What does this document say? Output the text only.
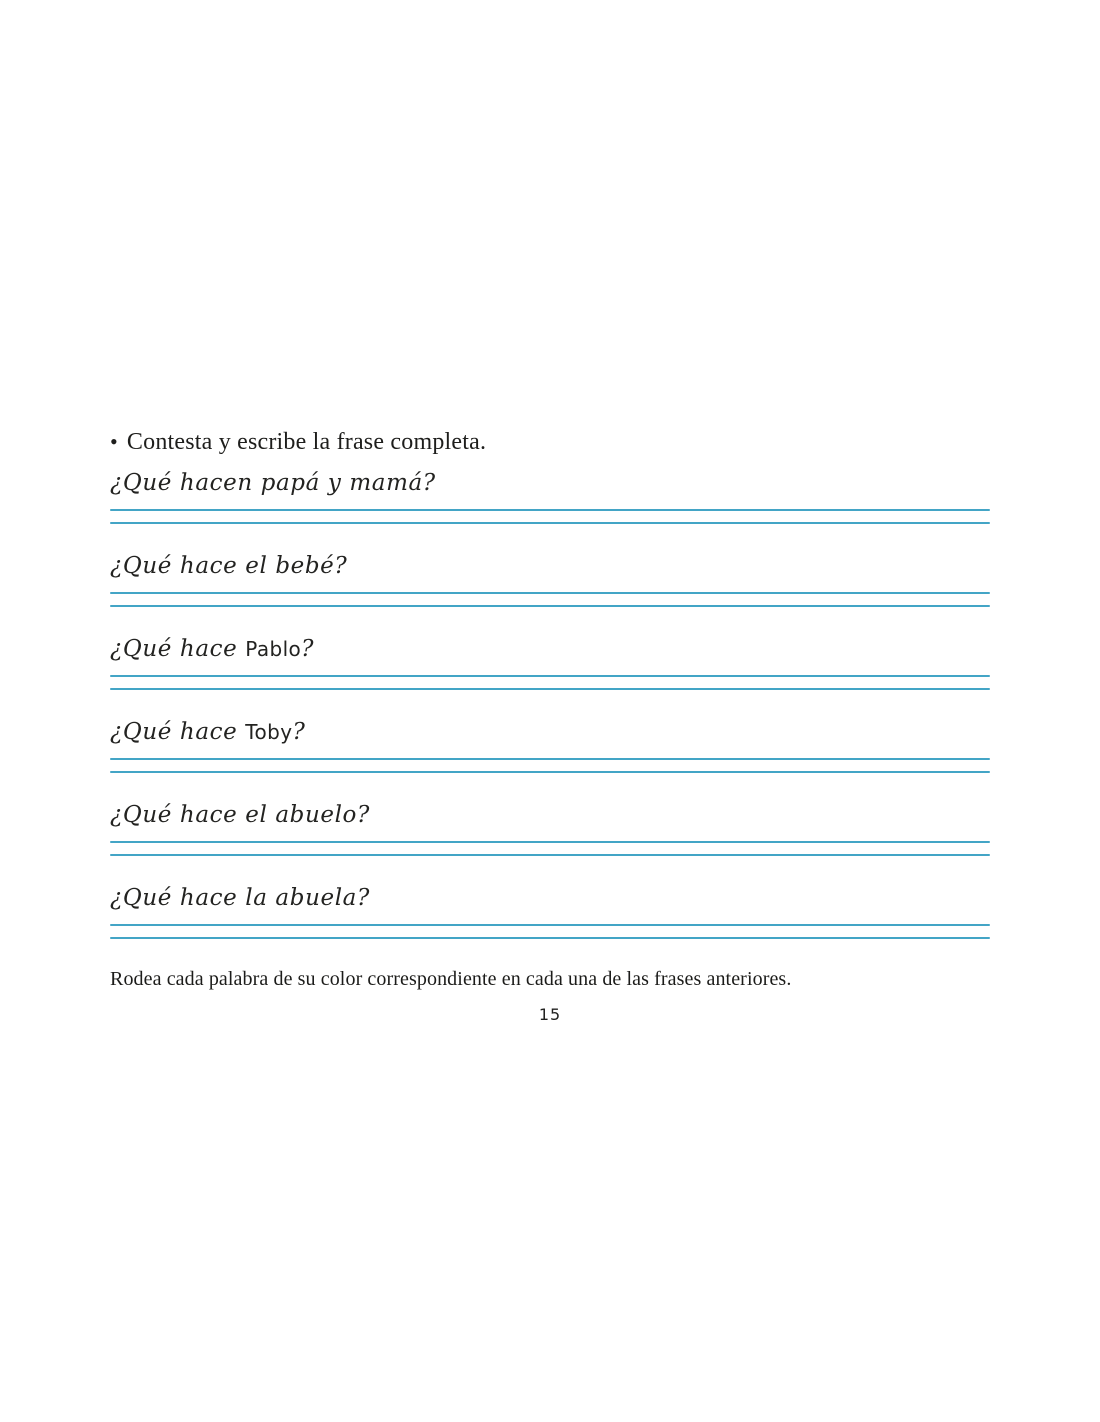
• Contesta y escribe la frase completa.
¿Qué hacen papá y mamá?
¿Qué hace el bebé?
¿Qué hace Pablo?
¿Qué hace Toby?
¿Qué hace el abuelo?
¿Qué hace la abuela?
Rodea cada palabra de su color correspondiente en cada una de las frases anteriores.
15
